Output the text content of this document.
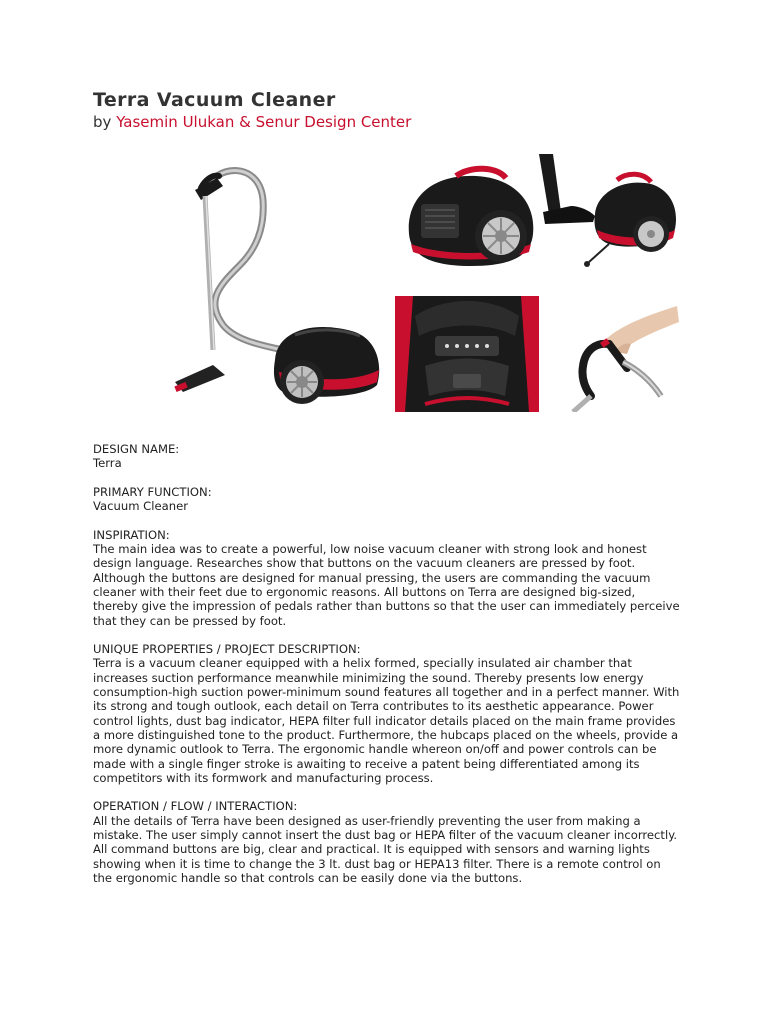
Terra Vacuum Cleaner

by Yasemin Ulukan & Senur Design Center

DESIGN NAME:
Terra
PRIMARY FUNCTION:
Vacuum Cleaner
INSPIRATION:
The main idea was to create a powerful, low noise vacuum cleaner with strong look and honest design language. Researches show that buttons on the vacuum cleaners are pressed by foot. Although the buttons are designed for manual pressing, the users are commanding the vacuum cleaner with their feet due to ergonomic reasons. All buttons on Terra are designed big-sized, thereby give the impression of pedals rather than buttons so that the user can immediately perceive that they can be pressed by foot.
UNIQUE PROPERTIES / PROJECT DESCRIPTION:
Terra is a vacuum cleaner equipped with a helix formed, specially insulated air chamber that increases suction performance meanwhile minimizing the sound. Thereby presents low energy consumption-high suction power-minimum sound features all together and in a perfect manner. With its strong and tough outlook, each detail on Terra contributes to its aesthetic appearance. Power control lights, dust bag indicator, HEPA filter full indicator details placed on the main frame provides a more distinguished tone to the product. Furthermore, the hubcaps placed on the wheels, provide a more dynamic outlook to Terra. The ergonomic handle whereon on/off and power controls can be made with a single finger stroke is awaiting to receive a patent being differentiated among its competitors with its formwork and manufacturing process.
OPERATION / FLOW / INTERACTION:
All the details of Terra have been designed as user-friendly preventing the user from making a mistake. The user simply cannot insert the dust bag or HEPA filter of the vacuum cleaner incorrectly. All command buttons are big, clear and practical. It is equipped with sensors and warning lights showing when it is time to change the 3 lt. dust bag or HEPA13 filter. There is a remote control on the ergonomic handle so that controls can be easily done via the buttons.
